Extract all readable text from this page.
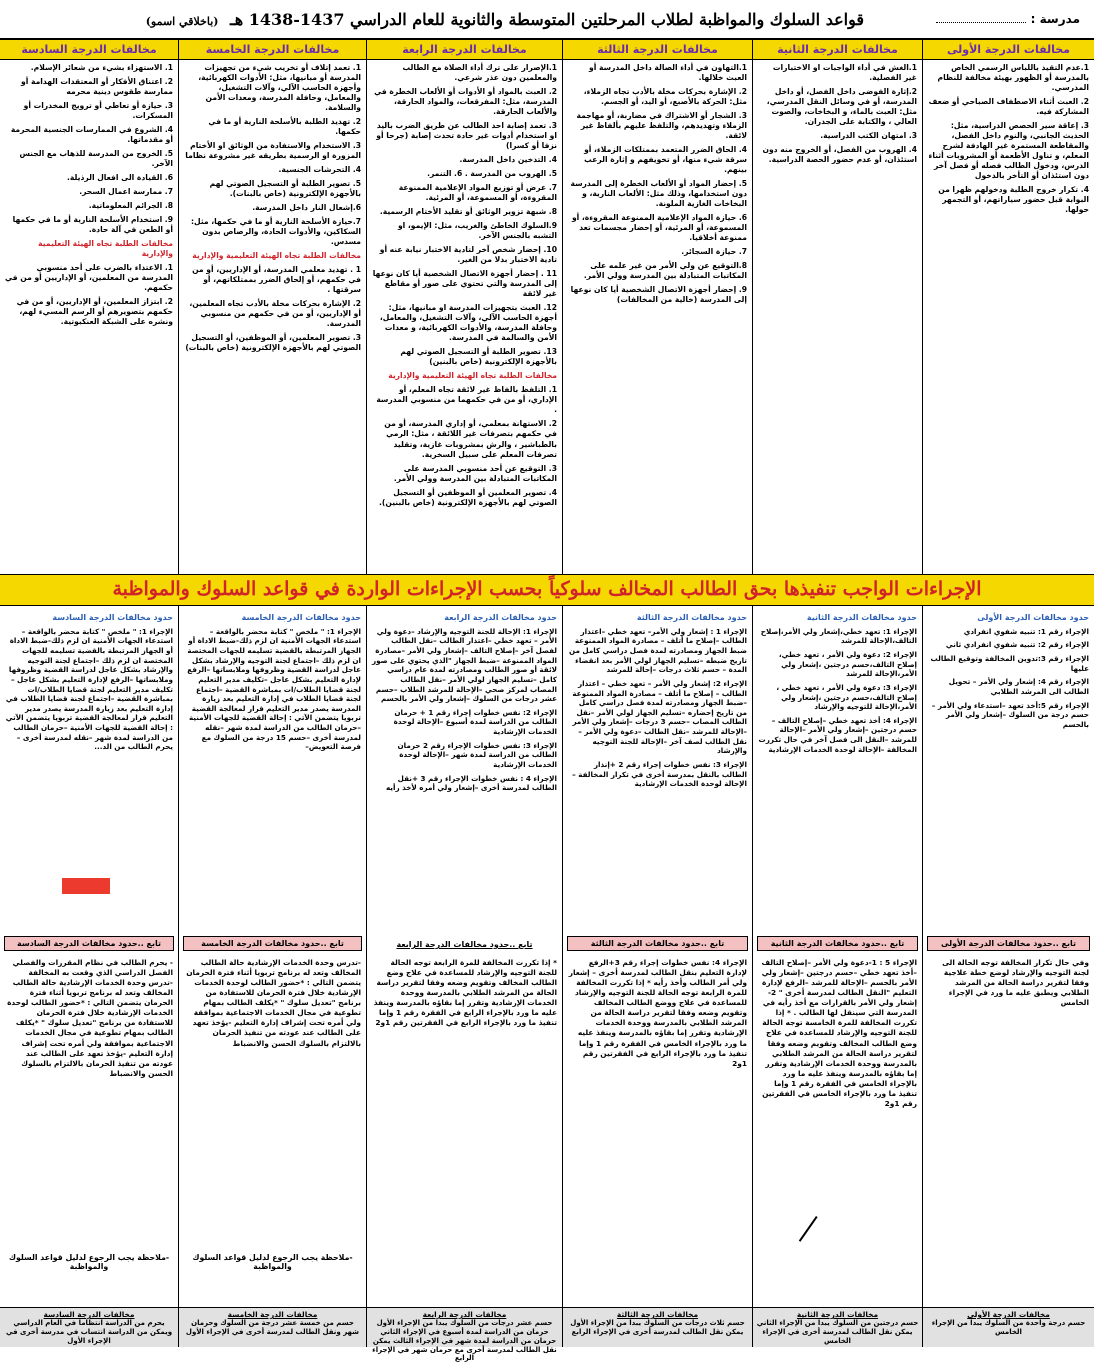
مدرسة :
قواعد السلوك والمواظبة لطلاب المرحلتين المتوسطة والثانوية للعام الدراسي 1437-1438 هـ (باخلاقي اسمو)
مخالفات الدرجة الأولى

1.عدم التقيد باللباس الرسمي الخاص بالمدرسة أو الظهور بهيئة مخالفة للنظام المدرسي.

2. العبث أثناء الاصطفاف الصباحي أو ضعف المشاركة فيه.

3. إعاقة سير الحصص الدراسية، مثل: الحديث الجانبي، والنوم داخل الفصل، والمقاطعة المستمرة غير الهادفة لشرح المعلم، و تناول الأطعمة أو المشروبات أثناء الدرس، ودخول الطالب فصله أو فصل آخر دون استئذان أو التأخر بالدخول

4. تكرار خروج الطلبة ودخولهم ظهرا من البوابة قبل حضور سياراتهم، أو التجمهر حولها.

مخالفات الدرجة الثانية

1.الغش في أداء الواجبات او الاختبارات غير الفصلية.

2.إثارة الفوضى داخل الفصل، أو داخل المدرسة، أو في وسائل النقل المدرسي، مثل: العبث بالماء، و البخاخات، والصوت العالي ، والكتابة على الجدران.

3. امتهان الكتب الدراسية.

4. الهروب من الفصل، أو الخروج منه دون استئذان، أو عدم حضور الحصة الدراسية.

مخالفات الدرجة الثالثة

1.التهاون في أداء الصالة داخل المدرسة أو العبث خلالها.

2. الإشارة بحركات مخلة بالأدب تجاه الزملاء، مثل: الحركة بالأصبع، أو اليد، أو الجسم.

3. الشجار أو الاشتراك في مضاربة، أو مهاجمة الزملاء وتهديدهم، والتلفظ عليهم بألفاظ غير لائقة.

4. الحاق الضرر المتعمد بممتلكات الزملاء، أو سرقة شيء منها، أو تخويفهم و إثارة الرعب بينهم.

5. إحضار المواد أو الألعاب الخطرة إلى المدرسة دون استخدامها، وذلك مثل: الألعاب النارية، و البخاخات الغازية الملونة.

6. حيازة المواد الإعلامية الممنوعة المقروءة، أو المسموعة، أو المرئية، أو إحضار مجسمات تعد ممنوعة أخلاقيا.

7. حيازة السجائر.

8.التوقيع عن ولي الأمر من غير علمه على المكاتبات المتبادلة بين المدرسة وولي الأمر.

9. إحضار أجهزة الاتصال الشخصية أيا كان نوعها إلى المدرسة (خالية من المخالفات)

مخالفات الدرجة الرابعة

1.الإصرار على ترك أداء الصلاة مع الطالب والمعلمين دون عذر شرعي.

2. العبث بالمواد أو الأدوات أو الألعاب الخطرة في المدرسة، مثل: المفرقعات، والمواد الحارقة، والألعاب الحارقة.

3. تعمد إصابة احد الطالب عن طريق الضرب باليد او استخدام أدوات غير حادة تحدث إصابة (جرحا أو نزفا أو كسرا)

4. التدخين داخل المدرسة.

5. الهروب من المدرسة . 6. التنمر.

7. عرض أو توزيع المواد الإعلامية الممنوعة المقروءة، أو المسموعة، أو المرئية.

8. شبهة تزوير الوثائق أو تقليد الأختام الرسمية.

9.السلوك الخاطئ والغريب، مثل: الإيمو، او التشبه بالجنس الآخر.

10. إحضار شخص آخر لتادية الاختبار نيابة عنه أو تادية الاختبار بدلا من الغير.

11 . إحضار أجهزة الاتصال الشخصية أيا كان نوعها إلى المدرسة والتي تحتوي على صور أو مقاطع غير لائقة

12. العبث بتجهيزات المدرسة او مبانيها، مثل: أجهزة الحاسب الآلي، وآلات التشغيل، والمعامل، وحافلة المدرسة، والأدوات الكهربائية، و معدات الأمن والسالمة في المدرسة.

13. تصوير الطلبة أو التسجيل الصوتي لهم بالأجهزة الإلكترونية (خاص بالبنين)

مخالفات الطلبة تجاه الهيئة التعليمية والإدارية

1. التلفظ بالفاظ غير لائقة تجاه المعلم، أو الإداري، أو من في حكمهما من منسوبي المدرسة .

2. الاستهانة بمعلمي، أو إداري المدرسة، أو من في حكمهم بتصرفات غير اللائقة ، مثل: الرمي بالطباشير ، والرش بمشروبات غازية، وتقليد تصرفات المعلم على سبيل السخرية.

3. التوقيع عن أحد منسوبي المدرسة على المكاتبات المتبادلة بين المدرسة وولي الأمر.

4. تصوير المعلمين أو الموظفين أو التسجيل الصوتي لهم بالأجهزة الإلكترونية (خاص بالبنين).

مخالفات الدرجة الخامسة

1. تعمد إتلاف أو تخريب شيء من تجهيزات المدرسة أو مبانيها، مثل: الأدوات الكهربائية، وأجهزة الحاسب الآلي، وآلات التشغيل، والمعامل، وحافلة المدرسة، ومعدات الأمن والسلامة.

2. تهديد الطلبة بالأسلحة النارية أو ما في حكمها.

3. الاستخدام والاستفادة من الوثائق او الأختام المزورة او الرسمية بطريقه غير مشروعة نظاما

4. التحرشات الجنسية.

5. تصوير الطلبة أو التسجيل الصوتي لهم بالأجهزة الإلكترونية (خاص بالبنات).

6.إشعال النار داخل المدرسة.

7.حيازة الأسلحة النارية أو ما في حكمها، مثل: السكاكين، والأدوات الحادة، والرصاص بدون مسدس.

مخالفات الطلبة تجاه الهيئة التعليمية والإدارية

1 . تهديد معلمي المدرسة، أو الإداريين، أو من في حكمهم، أو إلحاق الضرر بممتلكاتهم، أو سرقتها .

2. الإشارة بحركات مخلة بالأدب تجاه المعلمين، أو الإداريين، أو من في حكمهم من منسوبي المدرسة.

3. تصوير المعلمين، أو الموظفين، أو التسجيل الصوتي لهم بالأجهزة الإلكترونية (خاص بالبنات)

مخالفات الدرجة السادسة

1. الاستهزاء بشيء من شعائر الإسلام.

2. اعتناق الأفكار أو المعتقدات الهدامة أو ممارسة طقوس دينية محرمه

3. حيازة أو تعاطي أو ترويج المخدرات أو المسكرات.

4. الشروع في الممارسات الجنسية المحرمة أو مقدماتها.

5. الخروج من المدرسة للذهاب مع الجنس الآخر.

6. القيادة الى افعال الرذيلة.

7. ممارسة اعمال السحر.

8. الجرائم المعلوماتية.

9. استخدام الأسلحة النارية أو ما في حكمها أو الطعن في آلة حادة.

مخالفات الطلبة تجاه الهيئة التعليمية والإدارية

1. الاعتداء بالضرب على أحد منسوبي المدرسة من المعلمين، أو الإداريين أو من في حكمهم.

2. ابتزاز المعلمين، أو الإداريين، أو من في حكمهم بتصويرهم أو الرسم المسيء لهم، ونشره على الشبكة العنكبوتية.

الإجراءات الواجب تنفيذها بحق الطالب المخالف سلوكياً بحسب الإجراءات الواردة في قواعد السلوك والمواظبة
حدود مخالفات الدرجة الأولى

الإجراء رقم 1: تنبيه شفوي انفرادي

الإجراء رقم 2: تنبيه شفوي انفرادي ثاني

الإجراء رقم 3:تدوين المخالفة وتوقيع الطالب عليها

الإجراء رقم 4: إشعار ولي الأمر – تحويل الطالب الى المرشد الطلابي

الإجراء رقم 5:أخذ تعهد –استدعاء ولي الأمر –حسم درجة من السلوك –إشعار ولي الأمر بالحسم

تابع ..حدود مخالفات الدرجة الأولى
حدود مخالفات الدرجة الثانية

الإجراء 1: تعهد خطي،إشعار ولي الأمر،إصلاح التالف،الإحالة للمرشد

الإجراء 2: دعوة ولي الأمر ، تعهد خطي، إصلاح التالف،حسم درجتين ،إشعار ولي الأمر،الإحالة للمرشد

الإجراء 3: دعوة ولي الأمر ، تعهد خطي ، إصلاح التالف،حسم درجتين ،إشعار ولي الأمر،الإحالة للتوجيه والإرشاد

الإجراء 4: أخذ تعهد خطي –إصلاح التالف –حسم درجتين –إشعار ولي الأمر –الإحالة للمرشد –النقل الى فصل آخر في حال تكررت المخالفة –الإحالة لوحدة الخدمات الإرشادية

تابع ..حدود مخالفات الدرجة الثانية
حدود مخالفات الدرجة الثالثة

الإجراء 1 : إشعار ولي الأمر– تعهد خطي –اعتذار الطالب –إصلاح ما أتلف – مصادرة المواد الممنوعة ضبط الجهاز ومصادرته لمدة فصل دراسي كامل من تاريخ ضبطه –تسليم الجهاز لولي الأمر بعد انقضاء المدة – حسم ثلاث درجات –إحالة للمرشد

الإجراء 2: إشعار ولي الأمر – تعهد خطي – اعتذار الطالب – إصلاح ما أتلف – مصادرة المواد الممنوعة –ضبط الجهاز ومصادرته لمدة فصل دراسي كامل من تاريخ إحضاره –تسليم الجهاز لولي الأمر –نقل الطالب المصاب –حسم 3 درجات –إشعار ولي الأمر –الإحالة للمرشد –نقل الطالب –دعوة ولي الأمر – نقل الطالب لصف آخر –الإحالة للجنة التوجيه والإرشاد

الإجراء 3: نفس خطوات إجراء رقم 2 +إنذار الطالب بالنقل بمدرسة أخرى في تكرار المخالفة –الإحالة لوحدة الخدمات الإرشادية

تابع ..حدود مخالفات الدرجة الثالثة
حدود مخالفات الدرجة الرابعة

الإجراء 1: الإحالة للجنة التوجيه والإرشاد –دعوة ولي الأمر – تعهد خطي –اعتذار الطالب –نقل الطالب لفصل آخر –إصلاح التالف –إشعار ولي الأمر –مصادرة المواد الممنوعة –ضبط الجهاز "الذي يحتوي على صور لائقة أو صور الطالب ومصادرته لمدة عام دراسي كامل –تسليم الجهاز لولي الأمر –نقل الطالب المصاب لمركز صحي –الإحالة للمرشد الطلاب –حسم عشر درجات من السلوك –إشعار ولي الأمر بالحسم

الإجراء 2: نفس خطوات إجراء رقم 1 + حرمان الطالب من الدراسة لمدة أسبوع –الإحالة لوحدة الخدمات الإرشادية

الإجراء 3: نفس خطوات الإجراء رقم 2 حرمان الطالب من الدراسة لمدة شهر –الإحالة لوحدة الخدمات الإرشادية

الإجراء 4 : نفس خطوات الإجراء رقم 3 +نقل الطالب لمدرسة أخرى –إشعار ولي أمره لأخذ رأيه

تابع ..حدود مخالفات الدرجة الرابعة
حدود مخالفات الدرجة الخامسة

الإجراء 1: " ملخص " كتابة محضر بالواقعة –استدعاء الجهات الأمنية ان لزم ذلك-ضبط الاداة أو الجهاز المرتبطة بالقضية تسليمه للجهات المختصة ان لزم ذلك –اجتماع لجنة التوجيه والإرشاد بشكل عاجل لدراسة القضية وظروفها وملابساتها –الرفع لإدارة التعليم بشكل عاجل –تكليف مدير التعليم لجنة قضايا الطلاب/ات بمباشرة القضية –اجتماع لجنة قضايا الطلاب في إدارة التعليم بعد زيارة المدرسة يصدر مدير التعليم قرار لمعالجة القضية تربويا يتضمن الآتي : إحالة القضية للجهات الأمنية –حرمان الطالب من الدراسة لمدة شهر –نقله لمدرسة أخرى –حسم 15 درجة من السلوك مع فرصة التعويض–

تابع ..حدود مخالفات الدرجة الخامسة
حدود مخالفات الدرجة السادسة

الإجراء 1: " ملخص " كتابة محضر بالواقعة –استدعاء الجهات الأمنية ان لزم ذلك-ضبط الاداة أو الجهاز المرتبطة بالقضية تسليمه للجهات المختصة ان لزم ذلك –اجتماع لجنة التوجيه والإرشاد بشكل عاجل لدراسة القضية وظروفها وملابساتها –الرفع لإدارة التعليم بشكل عاجل –تكليف مدير التعليم لجنة قضايا الطلاب/ات بمباشرة القضية –اجتماع لجنة قضايا الطلاب في إدارة التعليم بعد زيارة المدرسة يصدر مدير التعليم قرار لمعالجة القضية تربويا يتضمن الآتي : إحالة القضية للجهات الأمنية –حرمان الطالب من الدراسة لمدة شهر –نقله لمدرسة أخرى –يحرم الطالب من الد...

تابع ..حدود مخالفات الدرجة السادسة
وفي حال تكرار المخالفة توجه الحالة الى لجنة التوجيه والإرشاد لوضع خطة علاجية وفقا لتقرير دراسة الحالة من المرشد الطلابي ويطبق عليه ما ورد في الإجراء الخامس
الإجراء 5 : 1-دعوة ولي الأمر –إصلاح التالف –أخذ تعهد خطي –حسم درجتين –إشعار ولي الأمر بالحسم –الإحالة للمرشد –الرفع لإدارة التعليم "النقل الطالب لمدرسة أخرى " 2-إشعار ولي الأمر بالقرارات مع أخذ رأيه في المدرسة التي سينقل لها الطالب . * إذا تكررت المخالفة للمرة الخامسة توجه الحالة للجنة التوجيه والإرشاد للمساعدة في علاج وضع الطالب المخالف وتقويم وضعه وفقا لتقرير دراسة الحالة من المرشد الطلابي بالمدرسة ووحدة الخدمات الإرشادية وتقرر إما بقاؤه بالمدرسة وينفذ عليه ما ورد بالإجراء الخامس في الفقرة رقم 1 وإما تنفيذ ما ورد بالإجراء الخامس في الفقرتين رقم 1و2
الإجراء 4: نفس خطوات إجراء رقم 3+الرفع لإدارة التعليم بنقل الطالب لمدرسة أخرى – إشعار ولي أمر الطالب وأخذ رأيه * إذا تكررت المخالفة للمرة الرابعة توجه الحالة للجنة التوجيه والإرشاد للمساعدة في علاج ووضع الطالب المخالف وتقويم وضعه وفقا لتقرير دراسة الحالة من المرشد الطلابي بالمدرسة ووحدة الخدمات الإرشادية وتقرر إما بقاؤه بالمدرسة وينفذ عليه ما ورد بالإجراء الخامس في الفقرة رقم 1 وإما تنفيذ ما ورد بالإجراء الرابع في الفقرتين رقم 1و2
* إذا تكررت المخالفة للمرة الرابعة توجه الحالة للجنة التوجيه والإرشاد للمساعدة في علاج وضع الطالب المخالف وتقويم وضعه وفقا لتقرير دراسة الحالة من المرشد الطلابي بالمدرسة ووحدة الخدمات الإرشادية وتقرر إما بقاؤه بالمدرسة وينفذ عليه ما ورد بالإجراء الرابع في الفقرة رقم 1 وإما تنفيذ ما ورد بالإجراء الرابع في الفقرتين رقم 1و2
-تدرس وحدة الخدمات الإرشادية حالة الطالب المخالف وتعد له برنامج تربويا أثناء فترة الحرمان يتضمن التالي : *حضور الطالب لوحدة الخدمات الإرشادية خلال فترة الحرمان للاستفادة من برنامج "تعديل سلوك " *يكلف الطالب بمهام تطوعية في مجال الخدمات الاجتماعية بموافقة ولي أمره تحت إشراف إدارة التعليم -يؤخذ تعهد على الطالب عند عودته من تنفيذ الحرمان بالالتزام بالسلوك الحسن والانضباط
-ملاحظة يجب الرجوع لدليل قواعد السلوك والمواظبة
- يحرم الطالب في نظام المقررات والفصلي الفصل الدراسي الذي وقعت به المخالفة -تدرس وحدة الخدمات الإرشادية حالة الطالب المخالف وتعد له برنامج تربويا أثناء فترة الحرمان يتضمن التالي : *حضور الطالب لوحدة الخدمات الإرشادية خلال فترة الحرمان للاستفادة من برنامج "تعديل سلوك " *يكلف الطالب بمهام تطوعية في مجال الخدمات الاجتماعية بموافقة ولي أمره تحت إشراف إدارة التعليم -يؤخذ تعهد على الطالب عند عودته من تنفيذ الحرمان بالالتزام بالسلوك الحسن والانضباط
-ملاحظة يجب الرجوع لدليل قواعد السلوك والمواظبة
مخالفات الدرجة الأولى
حسم درجة واحدة من السلوك يبدا من الإجراء الخامس
مخالفات الدرجة الثانية
حسم درجتين من السلوك يبدا من الإجراء الثاني يمكن نقل الطالب لمدرسة أخرى في الإجراء الخامس
مخالفات الدرجة الثالثة
حسم ثلاث درجات من السلوك يبدا من الإجراء الأول يمكن نقل الطالب لمدرسة أخرى في الإجراء الرابع
مخالفات الدرجة الرابعة
حسم عشر درجات من السلوك يبدا من الإجراء الأول حرمان من الدراسة لمدة أسبوع في الإجراء الثاني حرمان من الدراسة لمدة شهر في الإجراء الثالث يمكن نقل الطالب لمدرسة أخرى مع حرمان شهر في الإجراء الرابع
مخالفات الدرجة الخامسة
حسم من خمسة عشر درجة من السلوك وحرمان شهر ونقل الطالب لمدرسة أخرى في الإجراء الأول
مخالفات الدرجة السادسة
يحرم من الدراسة انتظاما في العام الدراسي ويمكن من الدراسة انتساب في مدرسة أخرى في الإجراء الأول
